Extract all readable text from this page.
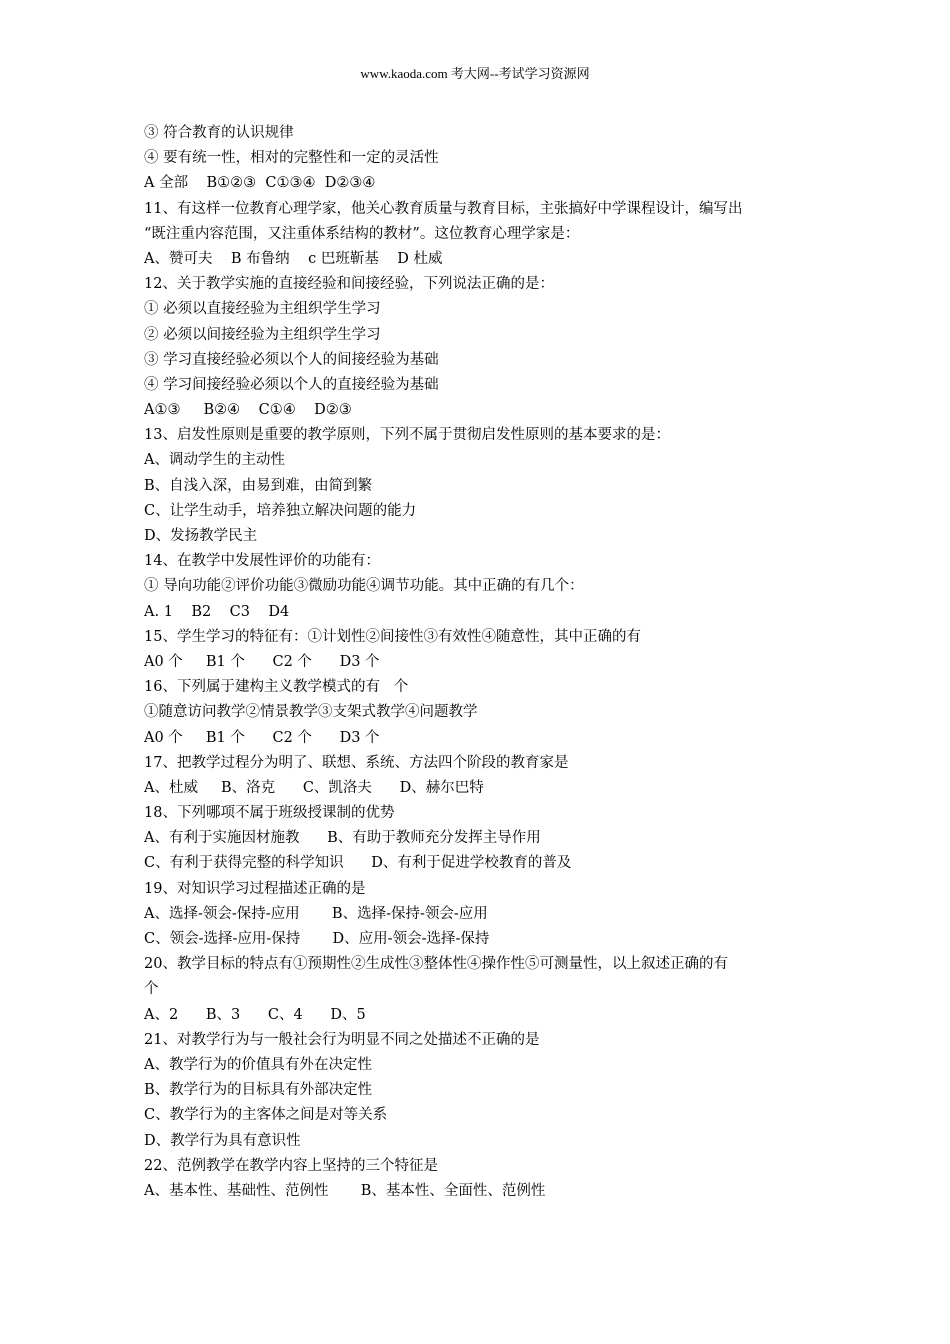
www.kaoda.com 考大网--考试学习资源网
③ 符合教育的认识规律
④ 要有统一性，相对的完整性和一定的灵活性
A 全部    B①②③  C①③④  D②③④
11、有这样一位教育心理学家，他关心教育质量与教育目标，主张搞好中学课程设计，编写出
“既注重内容范围，又注重体系结构的教材”。这位教育心理学家是：
A、赞可夫    B 布鲁纳    c 巴班靳基    D 杜威
12、关于教学实施的直接经验和间接经验，下列说法正确的是：
① 必须以直接经验为主组织学生学习
② 必须以间接经验为主组织学生学习
③ 学习直接经验必须以个人的间接经验为基础
④ 学习间接经验必须以个人的直接经验为基础
A①③     B②④    C①④    D②③
13、启发性原则是重要的教学原则，下列不属于贯彻启发性原则的基本要求的是：
A、调动学生的主动性
B、自浅入深，由易到难，由简到繁
C、让学生动手，培养独立解决问题的能力
D、发扬教学民主
14、在教学中发展性评价的功能有：
① 导向功能②评价功能③微励功能④调节功能。其中正确的有几个：
A. 1    B2    C3    D4
15、学生学习的特征有：①计划性②间接性③有效性④随意性，其中正确的有
A0 个     B1 个      C2 个      D3 个
16、下列属于建构主义教学模式的有   个
①随意访问教学②情景教学③支架式教学④问题教学
A0 个     B1 个      C2 个      D3 个
17、把教学过程分为明了、联想、系统、方法四个阶段的教育家是
A、杜威     B、洛克      C、凯洛夫      D、赫尔巴特
18、下列哪项不属于班级授课制的优势
A、有利于实施因材施教      B、有助于教师充分发挥主导作用
C、有利于获得完整的科学知识      D、有利于促进学校教育的普及
19、对知识学习过程描述正确的是
A、选择-领会-保持-应用       B、选择-保持-领会-应用
C、领会-选择-应用-保持       D、应用-领会-选择-保持
20、教学目标的特点有①预期性②生成性③整体性④操作性⑤可测量性，以上叙述正确的有
个
A、2      B、3      C、4      D、5
21、对教学行为与一般社会行为明显不同之处描述不正确的是
A、教学行为的价值具有外在决定性
B、教学行为的目标具有外部决定性
C、教学行为的主客体之间是对等关系
D、教学行为具有意识性
22、范例教学在教学内容上坚持的三个特征是
A、基本性、基础性、范例性       B、基本性、全面性、范例性
